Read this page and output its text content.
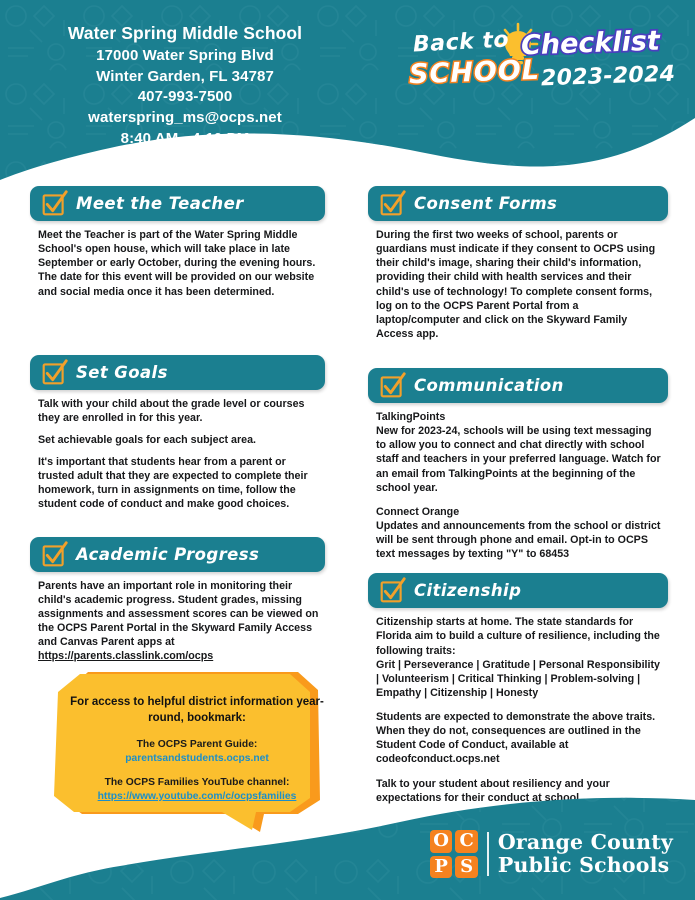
Water Spring Middle School
17000 Water Spring Blvd
Winter Garden, FL 34787
407-993-7500
waterspring_ms@ocps.net
8:40 AM - 4:10 PM
Back to
SCHOOL
Checklist
2023-2024
Meet the Teacher

Meet the Teacher is part of the Water Spring Middle School's open house, which will take place in late September or early October, during the evening hours. The date for this event will be provided on our website and social media once it has been determined.

Set Goals

Talk with your child about the grade level or courses they are enrolled in for this year.

Set achievable goals for each subject area.

It's important that students hear from a parent or trusted adult that they are expected to complete their homework, turn in assignments on time, follow the student code of conduct and make good choices.

Academic Progress

Parents have an important role in monitoring their child's academic progress. Student grades, missing assignments and assessment scores can be viewed on the OCPS Parent Portal in the Skyward Family Access and Canvas Parent apps at

https://parents.classlink.com/ocps

Consent Forms

During the first two weeks of school, parents or guardians must indicate if they consent to OCPS using their child's image, sharing their child's information, providing their child with health services and their child's use of technology! To complete consent forms, log on to the OCPS Parent Portal from a laptop/computer and click on the Skyward Family Access app.

Communication

TalkingPoints

New for 2023-24, schools will be using text messaging to allow you to connect and chat directly with school staff and teachers in your preferred language. Watch for an email from TalkingPoints at the beginning of the school year.

Connect Orange

Updates and announcements from the school or district will be sent through phone and email. Opt-in to OCPS text messages by texting "Y" to 68453

Citizenship

Citizenship starts at home. The state standards for Florida aim to build a culture of resilience, including the following traits:

Grit | Perseverance | Gratitude | Personal Responsibility | Volunteerism | Critical Thinking | Problem-solving | Empathy | Citizenship | Honesty

Students are expected to demonstrate the above traits. When they do not, consequences are outlined in the Student Code of Conduct, available at codeofconduct.ocps.net

Talk to your student about resiliency and your expectations for their conduct at school.

For access to helpful district information year-round, bookmark:
The OCPS Parent Guide:
parentsandstudents.ocps.net
The OCPS Families YouTube channel:
https://www.youtube.com/c/ocpsfamilies
O C
P S
Orange County
Public Schools
